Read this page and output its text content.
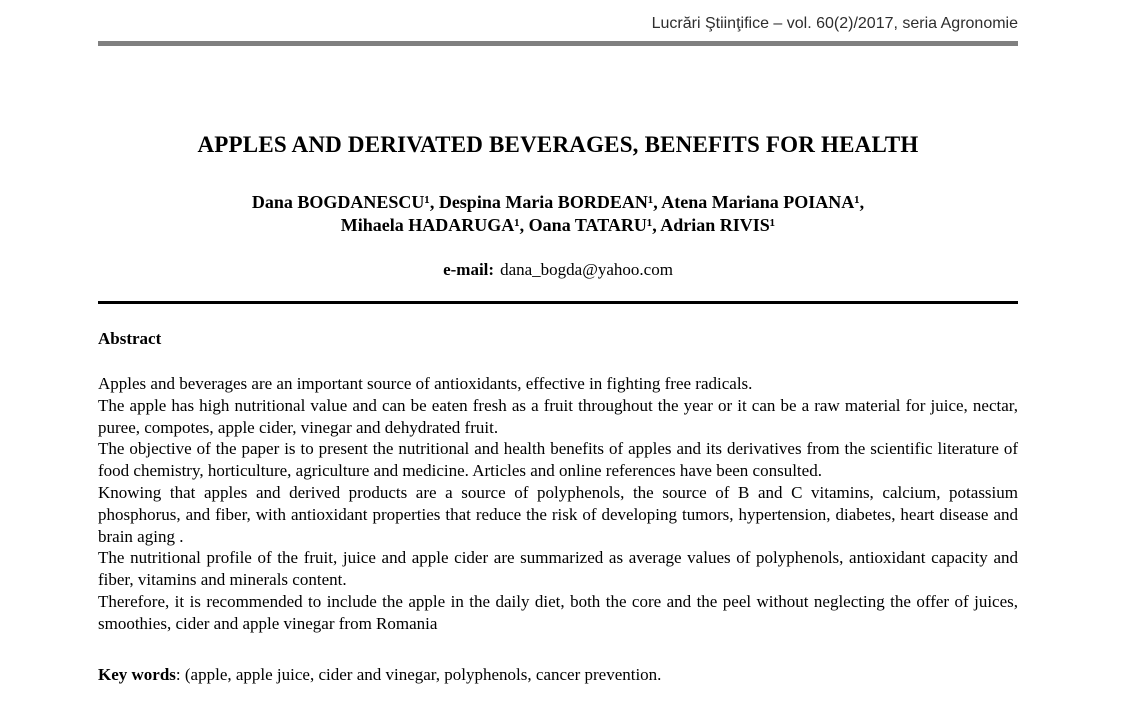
Lucrări Ştiinţifice – vol. 60(2)/2017, seria Agronomie
APPLES AND DERIVATED BEVERAGES, BENEFITS FOR HEALTH
Dana BOGDANESCU¹, Despina Maria BORDEAN¹, Atena Mariana POIANA¹,
Mihaela HADARUGA¹, Oana TATARU¹, Adrian RIVIS¹
e-mail: dana_bogda@yahoo.com
Abstract

Apples and beverages are an important source of antioxidants, effective in fighting free radicals.

The apple has high nutritional value and can be eaten fresh as a fruit throughout the year or it can be a raw material for juice, nectar, puree, compotes, apple cider, vinegar and dehydrated fruit.

The objective of the paper is to present the nutritional and health benefits of apples and its derivatives from the scientific literature of food chemistry, horticulture, agriculture and medicine. Articles and online references have been consulted.

Knowing that apples and derived products are a source of polyphenols, the source of B and C vitamins, calcium, potassium phosphorus, and fiber, with antioxidant properties that reduce the risk of developing tumors, hypertension, diabetes, heart disease and brain aging .

The nutritional profile of the fruit, juice and apple cider are summarized as average values of polyphenols, antioxidant capacity and fiber, vitamins and minerals content.

Therefore, it is recommended to include the apple in the daily diet, both the core and the peel without neglecting the offer of juices, smoothies, cider and apple vinegar from Romania

Key words: (apple, apple juice, cider and vinegar, polyphenols, cancer prevention.
